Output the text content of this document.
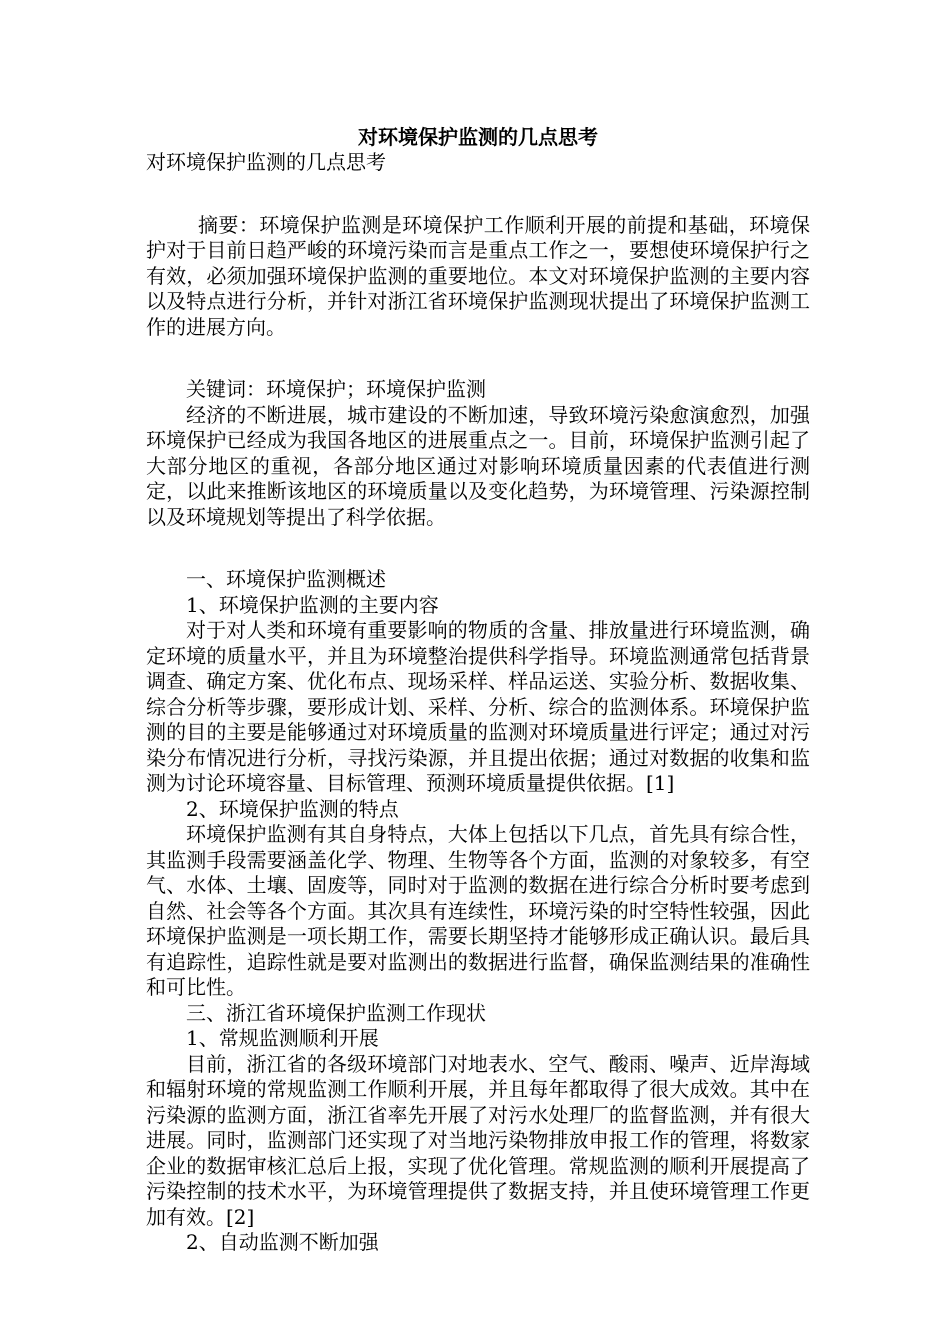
对环境保护监测的几点思考

对环境保护监测的几点思考

摘要：环境保护监测是环境保护工作顺利开展的前提和基础，环境保护对于目前日趋严峻的环境污染而言是重点工作之一，要想使环境保护行之有效，必须加强环境保护监测的重要地位。本文对环境保护监测的主要内容以及特点进行分析，并针对浙江省环境保护监测现状提出了环境保护监测工作的进展方向。

关键词：环境保护；环境保护监测

经济的不断进展，城市建设的不断加速，导致环境污染愈演愈烈，加强环境保护已经成为我国各地区的进展重点之一。目前，环境保护监测引起了大部分地区的重视，各部分地区通过对影响环境质量因素的代表值进行测定，以此来推断该地区的环境质量以及变化趋势，为环境管理、污染源控制以及环境规划等提出了科学依据。

一、环境保护监测概述

1、环境保护监测的主要内容

对于对人类和环境有重要影响的物质的含量、排放量进行环境监测，确定环境的质量水平，并且为环境整治提供科学指导。环境监测通常包括背景调查、确定方案、优化布点、现场采样、样品运送、实验分析、数据收集、综合分析等步骤，要形成计划、采样、分析、综合的监测体系。环境保护监测的目的主要是能够通过对环境质量的监测对环境质量进行评定；通过对污染分布情况进行分析，寻找污染源，并且提出依据；通过对数据的收集和监测为讨论环境容量、目标管理、预测环境质量提供依据。[1]

2、环境保护监测的特点

环境保护监测有其自身特点，大体上包括以下几点，首先具有综合性，其监测手段需要涵盖化学、物理、生物等各个方面，监测的对象较多，有空气、水体、土壤、固废等，同时对于监测的数据在进行综合分析时要考虑到自然、社会等各个方面。其次具有连续性，环境污染的时空特性较强，因此环境保护监测是一项长期工作，需要长期坚持才能够形成正确认识。最后具有追踪性，追踪性就是要对监测出的数据进行监督，确保监测结果的准确性和可比性。

三、浙江省环境保护监测工作现状

1、常规监测顺利开展

目前，浙江省的各级环境部门对地表水、空气、酸雨、噪声、近岸海域和辐射环境的常规监测工作顺利开展，并且每年都取得了很大成效。其中在污染源的监测方面，浙江省率先开展了对污水处理厂的监督监测，并有很大进展。同时，监测部门还实现了对当地污染物排放申报工作的管理，将数家企业的数据审核汇总后上报，实现了优化管理。常规监测的顺利开展提高了污染控制的技术水平，为环境管理提供了数据支持，并且使环境管理工作更加有效。[2]

2、自动监测不断加强
